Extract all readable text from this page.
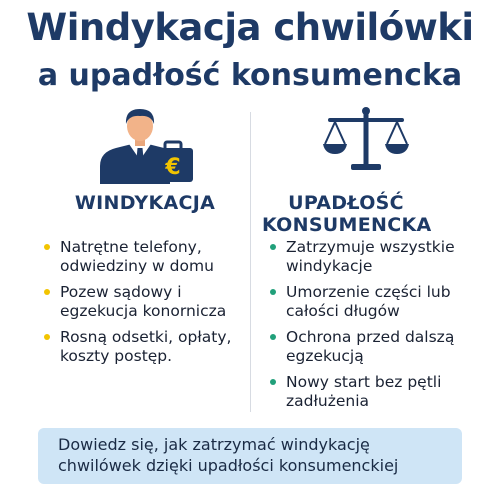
Windykacja chwilówki
a upadłość konsumencka
€
WINDYKACJA	UPADŁOŚĆ
KONSUMENCKA
Natrętne telefony, odwiedziny w domu
Pozew sądowy i egzekucja konornicza
Rosną odsetki, opłaty, koszty postęp.
Zatrzymuje wszystkie windykacje
Umorzenie części lub całości długów
Ochrona przed dalszą egzekucją
Nowy start bez pętli zadłużenia
Dowiedz się, jak zatrzymać windykację chwilówek dzięki upadłości konsumenckiej
